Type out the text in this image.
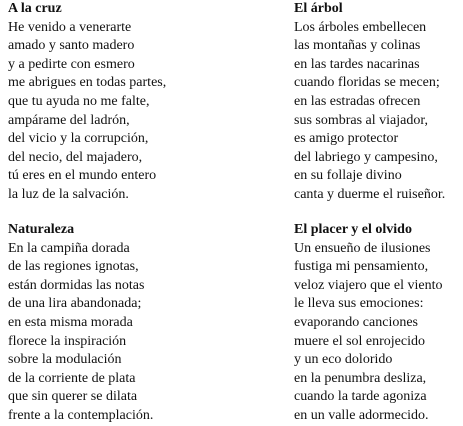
A la cruz

He venido a venerarte

amado y santo madero

y a pedirte con esmero

me abrigues en todas partes,

que tu ayuda no me falte,

ampárame del ladrón,

del vicio y la corrupción,

del necio, del majadero,

tú eres en el mundo entero

la luz de la salvación.

El árbol

Los árboles embellecen

las montañas y colinas

en las tardes nacarinas

cuando floridas se mecen;

en las estradas ofrecen

sus sombras al viajador,

es amigo protector

del labriego y campesino,

en su follaje divino

canta y duerme el ruiseñor.

Naturaleza

En la campiña dorada

de las regiones ignotas,

están dormidas las notas

de una lira abandonada;

en esta misma morada

florece la inspiración

sobre la modulación

de la corriente de plata

que sin querer se dilata

frente a la contemplación.

El placer y el olvido

Un ensueño de ilusiones

fustiga mi pensamiento,

veloz viajero que el viento

le lleva sus emociones:

evaporando canciones

muere el sol enrojecido

y un eco dolorido

en la penumbra desliza,

cuando la tarde agoniza

en un valle adormecido.
